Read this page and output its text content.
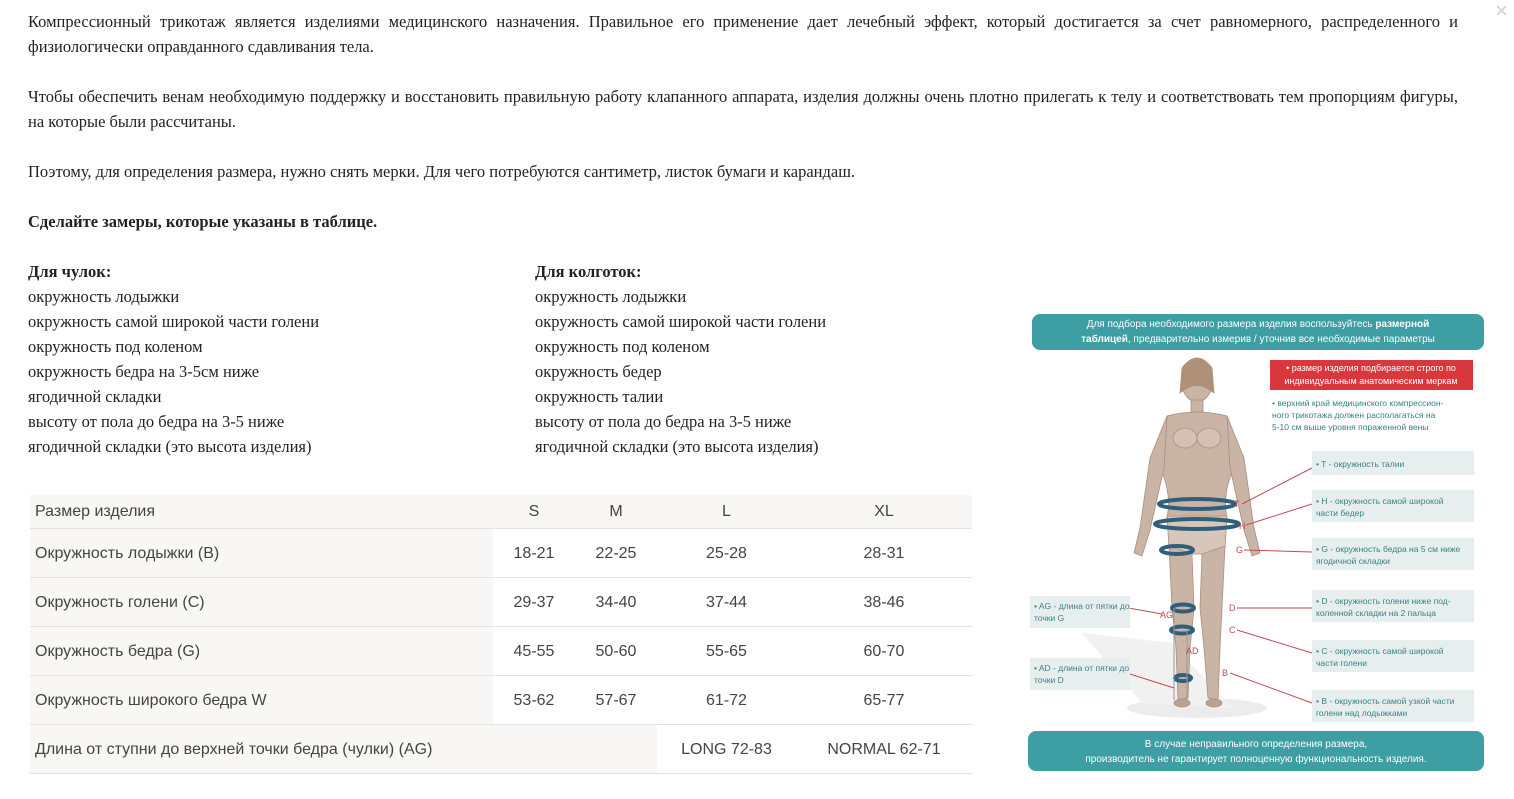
×

Компрессионный трикотаж является изделиями медицинского назначения. Правильное его применение дает лечебный эффект, который достигается за счет равномерного, распределенного и физиологически оправданного сдавливания тела.

Чтобы обеспечить венам необходимую поддержку и восстановить правильную работу клапанного аппарата, изделия должны очень плотно прилегать к телу и соответствовать тем пропорциям фигуры, на которые были рассчитаны.

Поэтому, для определения размера, нужно снять мерки. Для чего потребуются сантиметр, листок бумаги и карандаш.

Сделайте замеры, которые указаны в таблице.

Для чулок:
окружность лодыжки
окружность самой широкой части голени
окружность под коленом
окружность бедра на 3-5см ниже
ягодичной складки
высоту от пола до бедра на 3-5 ниже
ягодичной складки (это высота изделия)
Для колготок:
окружность лодыжки
окружность самой широкой части голени
окружность под коленом
окружность бедер
окружность талии
высоту от пола до бедра на 3-5 ниже
ягодичной складки (это высота изделия)
Размер изделия	S	M	L	XL
Окружность лодыжки (B)	18-21	22-25	25-28	28-31
Окружность голени (C)	29-37	34-40	37-44	38-46
Окружность бедра (G)	45-55	50-60	55-65	60-70
Окружность широкого бедра W	53-62	57-67	61-72	65-77
Длина от ступни до верхней точки бедра (чулки) (AG)			LONG 72-83	NORMAL 62-71
Для подбора необходимого размера изделия воспользуйтесь размерной
таблицей, предварительно измерив / уточнив все необходимые параметры
T
H
G
D
C
B
AG
AD
• размер изделия подбирается строго по
индивидуальным анатомическим меркам
• верхний край медицинского компрессион-
ного трикотажа должен располагаться на
5-10 см выше уровня пораженной вены
• T - окружность талии
• H - окружность самой широкой
части бедер
• G - окружность бедра на 5 см ниже
ягодичной складки
• D - окружность голени ниже под-
коленной складки на 2 пальца
• C - окружность самой широкой
части голени
• B - окружность самой узкой части
голени над лодыжками
• AG - длина от пятки до
точки G
• AD - длина от пятки до
точки D
В случае неправильного определения размера,
производитель не гарантирует полноценную функциональность изделия.
